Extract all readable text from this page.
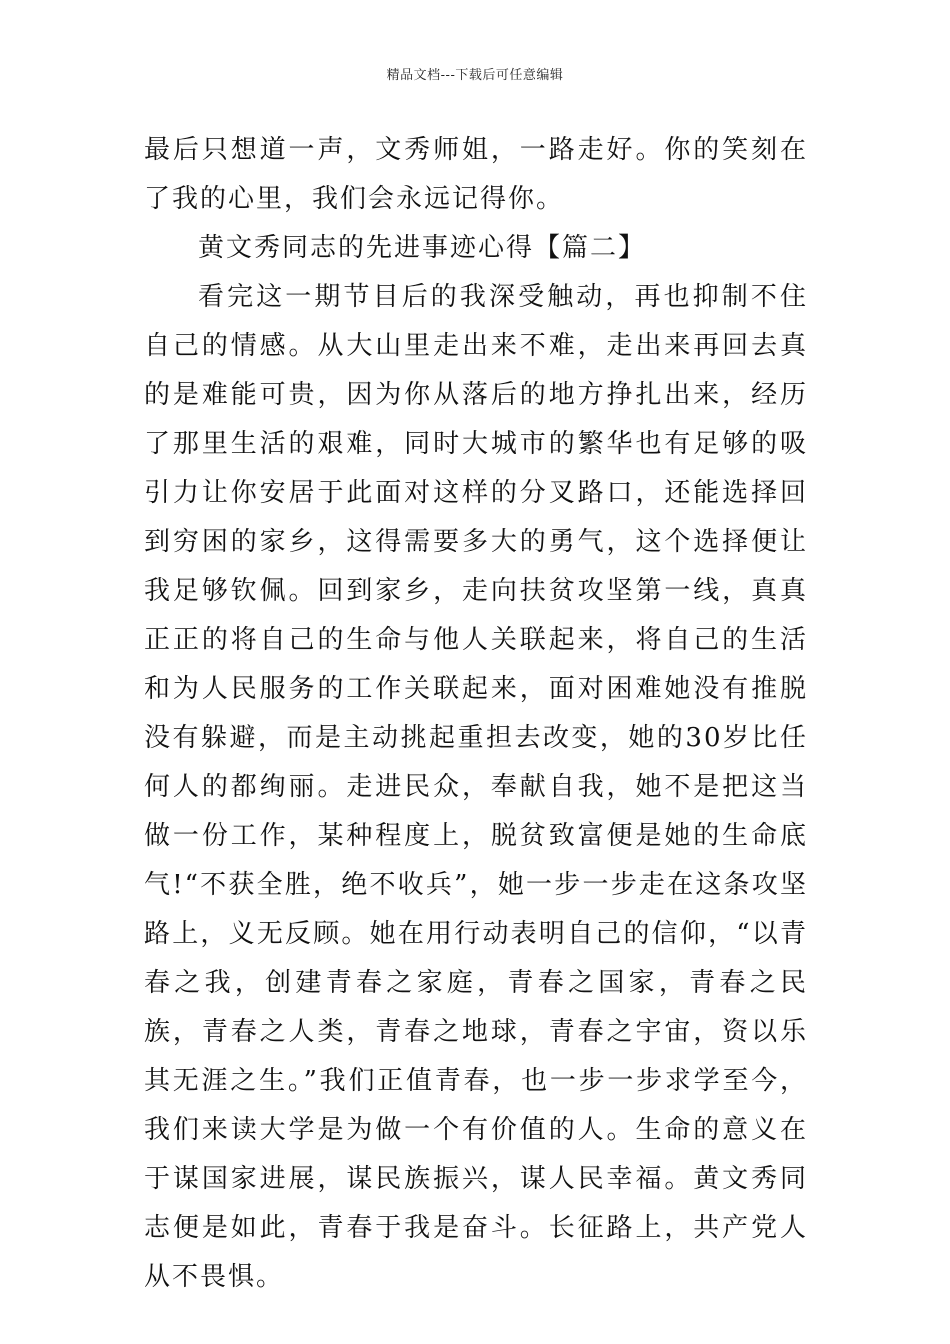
精品文档---下载后可任意编辑

最后只想道一声，文秀师姐，一路走好。你的笑刻在了我的心里，我们会永远记得你。

黄文秀同志的先进事迹心得【篇二】

看完这一期节目后的我深受触动，再也抑制不住自己的情感。从大山里走出来不难，走出来再回去真的是难能可贵，因为你从落后的地方挣扎出来，经历了那里生活的艰难，同时大城市的繁华也有足够的吸引力让你安居于此面对这样的分叉路口，还能选择回到穷困的家乡，这得需要多大的勇气，这个选择便让我足够钦佩。回到家乡，走向扶贫攻坚第一线，真真正正的将自己的生命与他人关联起来，将自己的生活和为人民服务的工作关联起来，面对困难她没有推脱没有躲避，而是主动挑起重担去改变，她的30岁比任何人的都绚丽。走进民众，奉献自我，她不是把这当做一份工作，某种程度上，脱贫致富便是她的生命底气!“不获全胜，绝不收兵”，她一步一步走在这条攻坚路上，义无反顾。她在用行动表明自己的信仰，“以青春之我，创建青春之家庭，青春之国家，青春之民族，青春之人类，青春之地球，青春之宇宙，资以乐其无涯之生。”我们正值青春，也一步一步求学至今，我们来读大学是为做一个有价值的人。生命的意义在于谋国家进展，谋民族振兴，谋人民幸福。黄文秀同志便是如此，青春于我是奋斗。长征路上，共产党人从不畏惧。
